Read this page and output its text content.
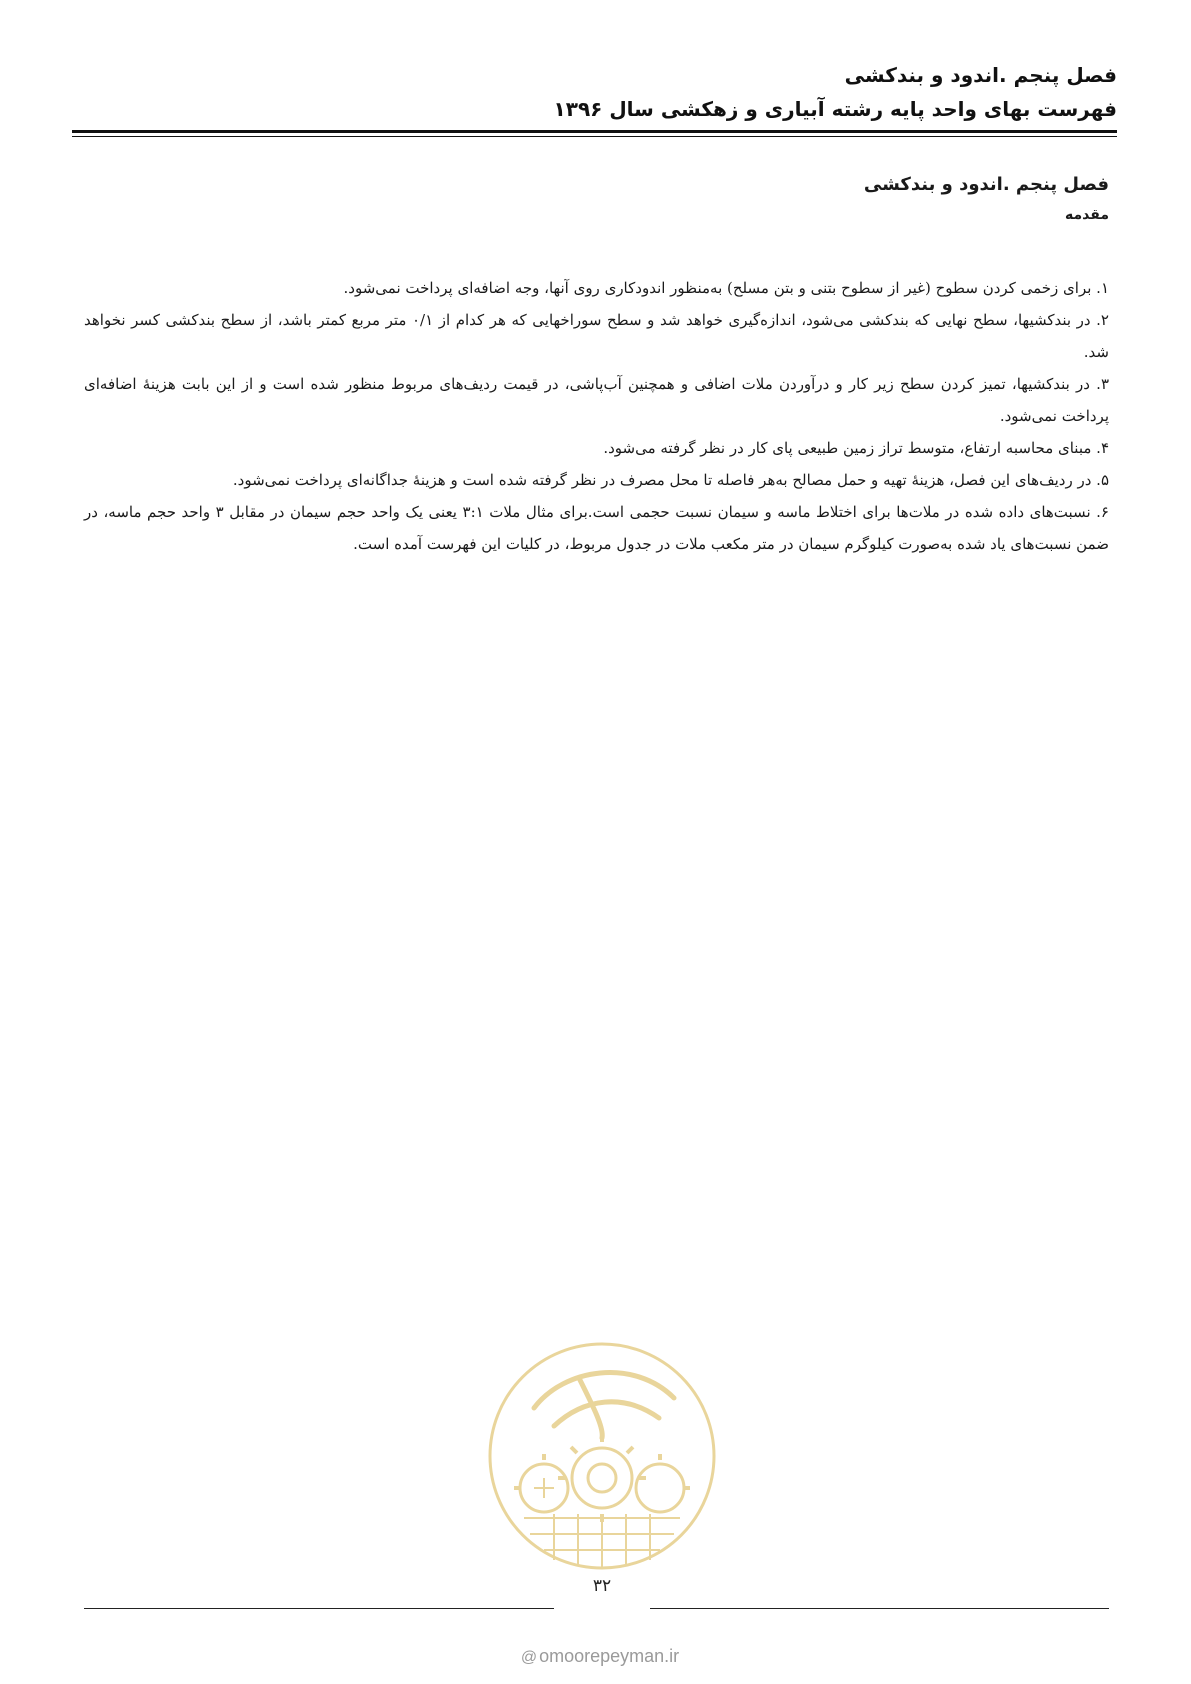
فصل پنجم .اندود و بندکشی
فهرست بهای واحد پایه رشته آبیاری و زهکشی سال ۱۳۹۶
فصل پنجم .اندود و بندکشی
مقدمه

۱. برای زخمی کردن سطوح (غیر از سطوح بتنی و بتن مسلح) به‌منظور اندودکاری روی آنها، وجه اضافه‌ای پرداخت نمی‌شود.

۲. در بندکشیها، سطح نهایی که بندکشی می‌شود، اندازه‌گیری خواهد شد و سطح سوراخهایی که هر کدام از ۰/۱ متر مربع کمتر باشد، از سطح بندکشی کسر نخواهد شد.

۳. در بندکشیها، تمیز کردن سطح زیر کار و درآوردن ملات اضافی و همچنین آب‌پاشی، در قیمت ردیف‌های مربوط منظور شده است و از این بابت هزینهٔ اضافه‌ای پرداخت نمی‌شود.

۴. مبنای محاسبه ارتفاع، متوسط تراز زمین طبیعی پای کار در نظر گرفته می‌شود.

۵. در ردیف‌های این فصل، هزینهٔ تهیه و حمل مصالح به‌هر فاصله تا محل مصرف در نظر گرفته شده است و هزینهٔ جداگانه‌ای پرداخت نمی‌شود.

۶. نسبت‌های داده شده در ملات‌ها برای اختلاط ماسه و سیمان نسبت حجمی است.برای مثال ملات ۳:۱ یعنی یک واحد حجم سیمان در مقابل ۳ واحد حجم ماسه، در ضمن نسبت‌های یاد شده به‌صورت کیلوگرم سیمان در متر مکعب ملات در جدول مربوط، در کلیات این فهرست آمده است.

۳۲
@ omoorepeyman.ir
